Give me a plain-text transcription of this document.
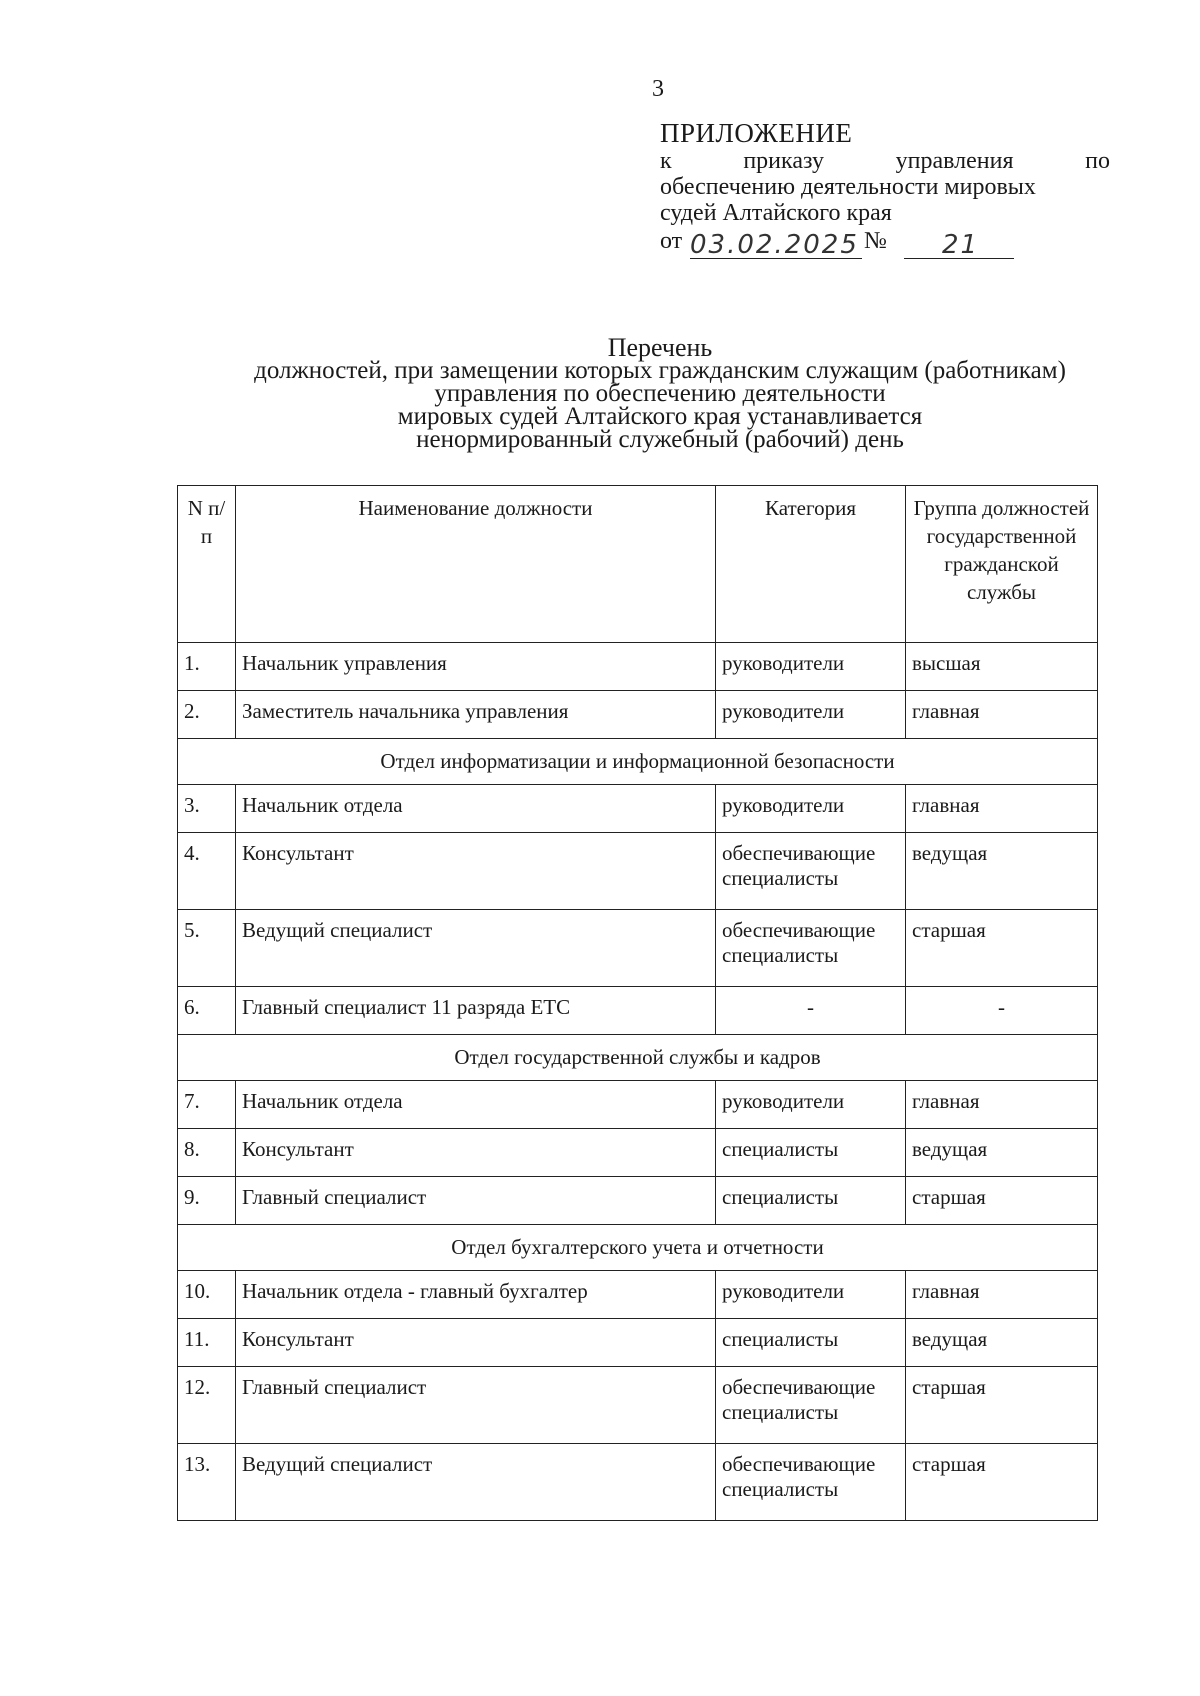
3
ПРИЛОЖЕНИЕ
к приказу управления по
обеспечению деятельности мировых
судей Алтайского края
от 03.02.2025 №	21
Перечень
должностей, при замещении которых гражданским служащим (работникам)
управления по обеспечению деятельности
мировых судей Алтайского края устанавливается
ненормированный служебный (рабочий) день
N п/п	Наименование должности	Категория	Группа должностей государственной гражданской службы
1.	Начальник управления	руководители	высшая
2.	Заместитель начальника управления	руководители	главная
Отдел информатизации и информационной безопасности			
3.	Начальник отдела	руководители	главная
4.	Консультант	обеспечивающие специалисты	ведущая
5.	Ведущий специалист	обеспечивающие специалисты	старшая
6.	Главный специалист 11 разряда ЕТС	-	-
Отдел государственной службы и кадров			
7.	Начальник отдела	руководители	главная
8.	Консультант	специалисты	ведущая
9.	Главный специалист	специалисты	старшая
Отдел бухгалтерского учета и отчетности			
10.	Начальник отдела - главный бухгалтер	руководители	главная
11.	Консультант	специалисты	ведущая
12.	Главный специалист	обеспечивающие специалисты	старшая
13.	Ведущий специалист	обеспечивающие специалисты	старшая
